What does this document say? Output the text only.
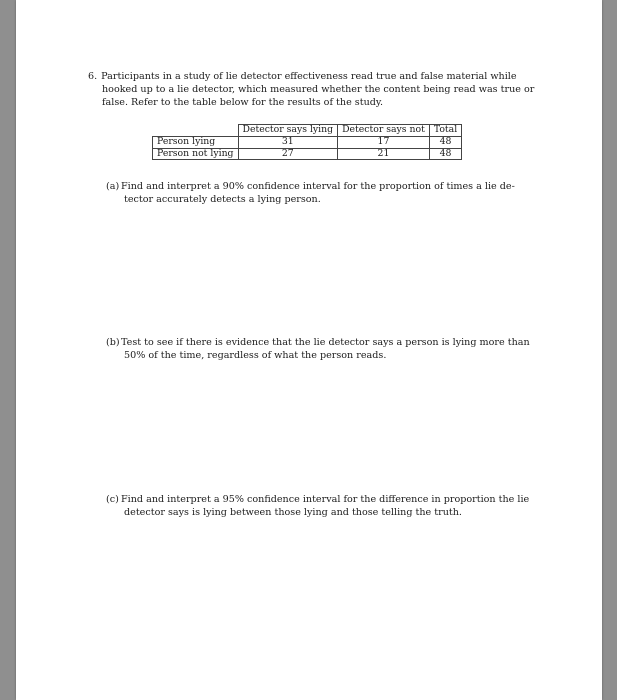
6. Participants in a study of lie detector effectiveness read true and false material while
hooked up to a lie detector, which measured whether the content being read was true or
false. Refer to the table below for the results of the study.
	Detector says lying	Detector says not	Total
Person lying	31	17	48
Person not lying	27	21	48
(a) Find and interpret a 90% confidence interval for the proportion of times a lie de-
tector accurately detects a lying person.
(b)Test to see if there is evidence that the lie detector says a person is lying more than
50% of the time, regardless of what the person reads.
(c) Find and interpret a 95% confidence interval for the difference in proportion the lie
detector says is lying between those lying and those telling the truth.
